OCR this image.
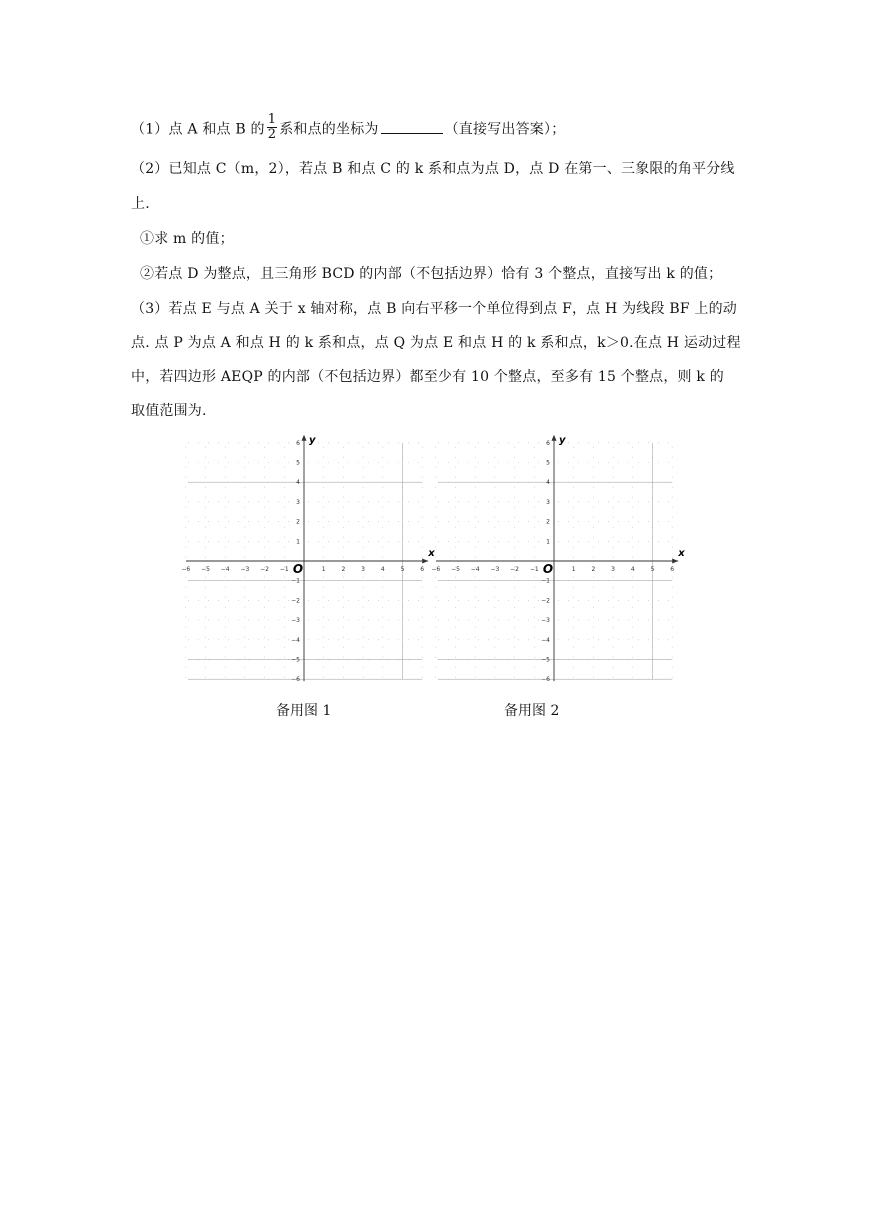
（1）点 A 和点 B 的 $\frac{1}{2}$ 系和点的坐标为	（直接写出答案）；
（2）已知点 C（m，2），若点 B 和点 C 的 k 系和点为点 D，点 D 在第一、三象限的角平分线
上.
①求 m 的值；
②若点 D 为整点，且三角形 BCD 的内部（不包括边界）恰有 3 个整点，直接写出 k 的值；
（3）若点 E 与点 A 关于 x 轴对称，点 B 向右平移一个单位得到点 F，点 H 为线段 BF 上的动
点. 点 P 为点 A 和点 H 的 k 系和点，点 Q 为点 E 和点 H 的 k 系和点，k＞0.在点 H 运动过程
中，若四边形 AEQP 的内部（不包括边界）都至少有 10 个整点，至多有 15 个整点，则 k 的
取值范围为.
x
y
O
−6 −5 −4 −3 −2 −1	1	2	3	4	5	6
6
5
4
3
2
1
−1
−2
−3
−4
−5
−6
x
y
O
−6 −5 −4 −3 −2 −1	1	2	3	4	5	6
6
5
4
3
2
1
−1
−2
−3
−4
−5
−6
备用图 1	备用图 2
